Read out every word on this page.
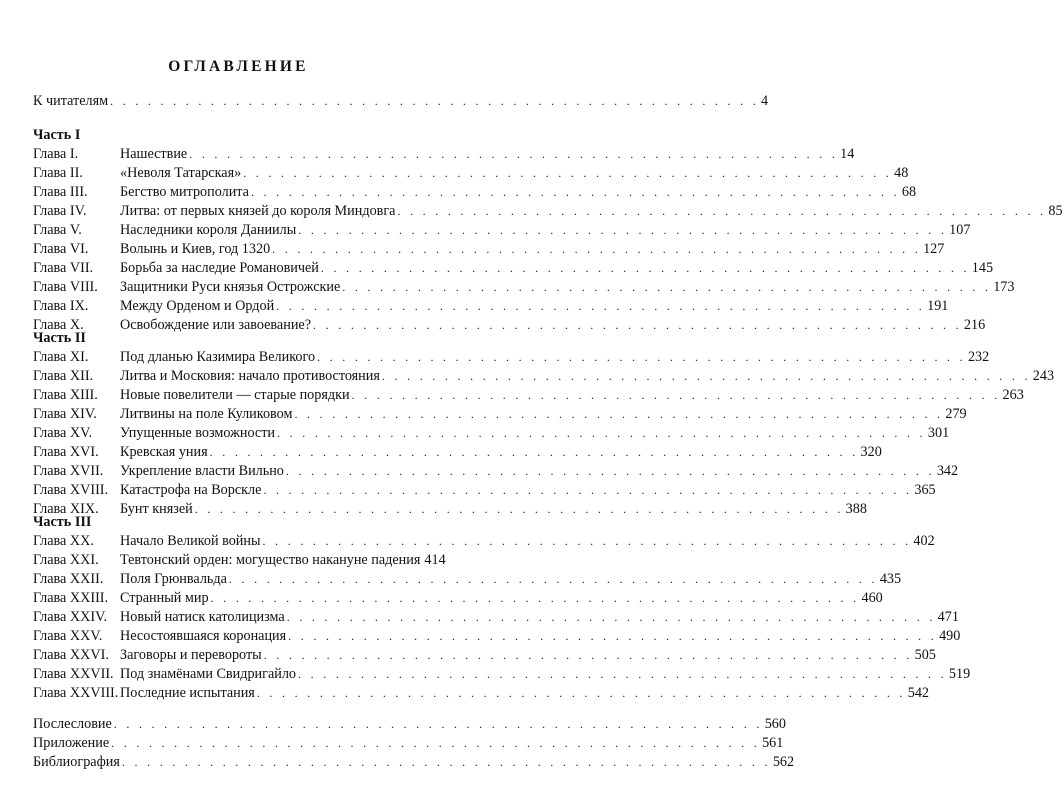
ОГЛАВЛЕНИЕ
К читателям . . . . . . . . . . . . . . . . . . . . . . . . . . . . . . . . . . . . . . . . . . . . . . . . . . . . 4
Часть I
Глава I.	Нашествие . . . . . . . . . . . . . . . . . . . . . . . . . . . . . . . . . . . . . . . . . . . . . . . . . . . . 14
Глава II.	«Неволя Татарская» . . . . . . . . . . . . . . . . . . . . . . . . . . . . . . . . . . . . . . . . . . . . . . . . . . . . 48
Глава III. Бегство митрополита . . . . . . . . . . . . . . . . . . . . . . . . . . . . . . . . . . . . . . . . . . . . . . . . . . . . 68
Глава IV. Литва: от первых князей до короля Миндовга . . . . . . . . . . . . . . . . . . . . . . . . . . . . . . . . . . . . . . . . . . . . . . . . . . . . 85
Глава V.	Наследники короля Даниилы . . . . . . . . . . . . . . . . . . . . . . . . . . . . . . . . . . . . . . . . . . . . . . . . . . . . 107
Глава VI. Волынь и Киев, год 1320 . . . . . . . . . . . . . . . . . . . . . . . . . . . . . . . . . . . . . . . . . . . . . . . . . . . . 127
Глава VII. Борьба за наследие Романовичей . . . . . . . . . . . . . . . . . . . . . . . . . . . . . . . . . . . . . . . . . . . . . . . . . . . . 145
Глава VIII. Защитники Руси князья Острожские . . . . . . . . . . . . . . . . . . . . . . . . . . . . . . . . . . . . . . . . . . . . . . . . . . . . 173
Глава IX. Между Орденом и Ордой . . . . . . . . . . . . . . . . . . . . . . . . . . . . . . . . . . . . . . . . . . . . . . . . . . . . 191
Глава X.	Освобождение или завоевание? . . . . . . . . . . . . . . . . . . . . . . . . . . . . . . . . . . . . . . . . . . . . . . . . . . . . 216
Часть II
Глава XI. Под дланью Казимира Великого . . . . . . . . . . . . . . . . . . . . . . . . . . . . . . . . . . . . . . . . . . . . . . . . . . . . 232
Глава XII. Литва и Московия: начало противостояния . . . . . . . . . . . . . . . . . . . . . . . . . . . . . . . . . . . . . . . . . . . . . . . . . . . . 243
Глава XIII. Новые повелители — старые порядки . . . . . . . . . . . . . . . . . . . . . . . . . . . . . . . . . . . . . . . . . . . . . . . . . . . . 263
Глава XIV. Литвины на поле Куликовом . . . . . . . . . . . . . . . . . . . . . . . . . . . . . . . . . . . . . . . . . . . . . . . . . . . . 279
Глава XV. Упущенные возможности . . . . . . . . . . . . . . . . . . . . . . . . . . . . . . . . . . . . . . . . . . . . . . . . . . . . 301
Глава XVI. Кревская уния . . . . . . . . . . . . . . . . . . . . . . . . . . . . . . . . . . . . . . . . . . . . . . . . . . . . 320
Глава XVII. Укрепление власти Вильно . . . . . . . . . . . . . . . . . . . . . . . . . . . . . . . . . . . . . . . . . . . . . . . . . . . . 342
Глава XVIII. Катастрофа на Ворскле . . . . . . . . . . . . . . . . . . . . . . . . . . . . . . . . . . . . . . . . . . . . . . . . . . . . 365
Глава XIX. Бунт князей . . . . . . . . . . . . . . . . . . . . . . . . . . . . . . . . . . . . . . . . . . . . . . . . . . . . 388
Часть III
Глава XX. Начало Великой войны . . . . . . . . . . . . . . . . . . . . . . . . . . . . . . . . . . . . . . . . . . . . . . . . . . . . 402
Глава XXI. Тевтонский орден: могущество накануне падения 414
Глава XXII. Поля Грюнвальда . . . . . . . . . . . . . . . . . . . . . . . . . . . . . . . . . . . . . . . . . . . . . . . . . . . . 435
Глава XXIII. Странный мир . . . . . . . . . . . . . . . . . . . . . . . . . . . . . . . . . . . . . . . . . . . . . . . . . . . . 460
Глава XXIV. Новый натиск католицизма . . . . . . . . . . . . . . . . . . . . . . . . . . . . . . . . . . . . . . . . . . . . . . . . . . . . 471
Глава XXV. Несостоявшаяся коронация . . . . . . . . . . . . . . . . . . . . . . . . . . . . . . . . . . . . . . . . . . . . . . . . . . . . 490
Глава XXVI. Заговоры и перевороты . . . . . . . . . . . . . . . . . . . . . . . . . . . . . . . . . . . . . . . . . . . . . . . . . . . . 505
Глава XXVII. Под знамёнами Свидригайло . . . . . . . . . . . . . . . . . . . . . . . . . . . . . . . . . . . . . . . . . . . . . . . . . . . . 519
Глава XXVIII. Последние испытания . . . . . . . . . . . . . . . . . . . . . . . . . . . . . . . . . . . . . . . . . . . . . . . . . . . . 542
Послесловие . . . . . . . . . . . . . . . . . . . . . . . . . . . . . . . . . . . . . . . . . . . . . . . . . . . . 560
Приложение . . . . . . . . . . . . . . . . . . . . . . . . . . . . . . . . . . . . . . . . . . . . . . . . . . . . 561
Библиография . . . . . . . . . . . . . . . . . . . . . . . . . . . . . . . . . . . . . . . . . . . . . . . . . . . . 562
